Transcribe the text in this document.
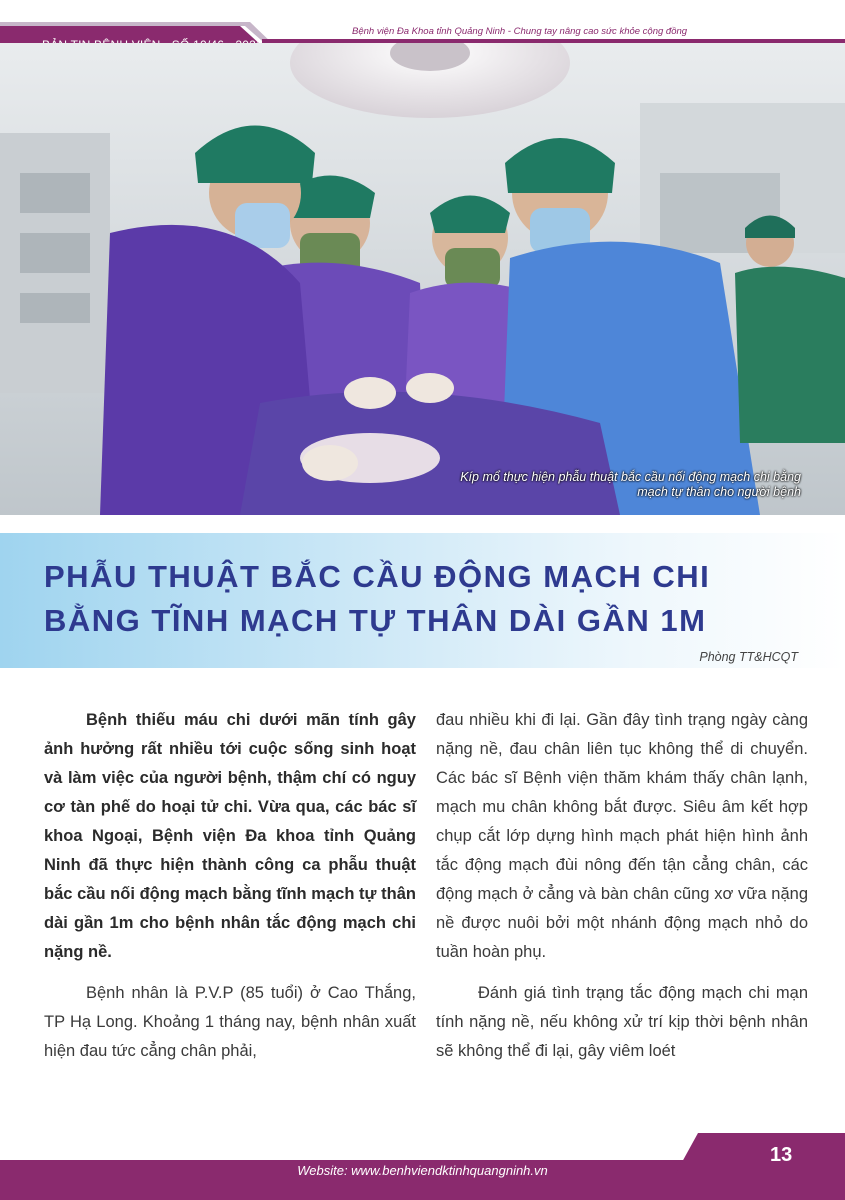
Bệnh viện Đa Khoa tỉnh Quảng Ninh - Chung tay nâng cao sức khỏe cộng đồng
Kíp mổ thực hiện phẫu thuật bắc cầu nối động mạch chi bằng
mạch tự thân cho người bệnh
PHẪU THUẬT BẮC CẦU ĐỘNG MẠCH CHI
BẰNG TĨNH MẠCH TỰ THÂN DÀI GẦN 1M
Phòng TT&HCQT

Bệnh thiếu máu chi dưới mãn tính gây ảnh hưởng rất nhiều tới cuộc sống sinh hoạt và làm việc của người bệnh, thậm chí có nguy cơ tàn phế do hoại tử chi. Vừa qua, các bác sĩ khoa Ngoại, Bệnh viện Đa khoa tỉnh Quảng Ninh đã thực hiện thành công ca phẫu thuật bắc cầu nối động mạch bằng tĩnh mạch tự thân dài gần 1m cho bệnh nhân tắc động mạch chi nặng nề.

Bệnh nhân là P.V.P (85 tuổi) ở Cao Thắng, TP Hạ Long. Khoảng 1 tháng nay, bệnh nhân xuất hiện đau tức cẳng chân phải,

đau nhiều khi đi lại. Gần đây tình trạng ngày càng nặng nề, đau chân liên tục không thể di chuyển. Các bác sĩ Bệnh viện thăm khám thấy chân lạnh, mạch mu chân không bắt được. Siêu âm kết hợp chụp cắt lớp dựng hình mạch phát hiện hình ảnh tắc động mạch đùi nông đến tận cẳng chân, các động mạch ở cẳng và bàn chân cũng xơ vữa nặng nề được nuôi bởi một nhánh động mạch nhỏ do tuần hoàn phụ.

Đánh giá tình trạng tắc động mạch chi mạn tính nặng nề, nếu không xử trí kịp thời bệnh nhân sẽ không thể đi lại, gây viêm loét

13
Website: www.benhviendktinhquangninh.vn
